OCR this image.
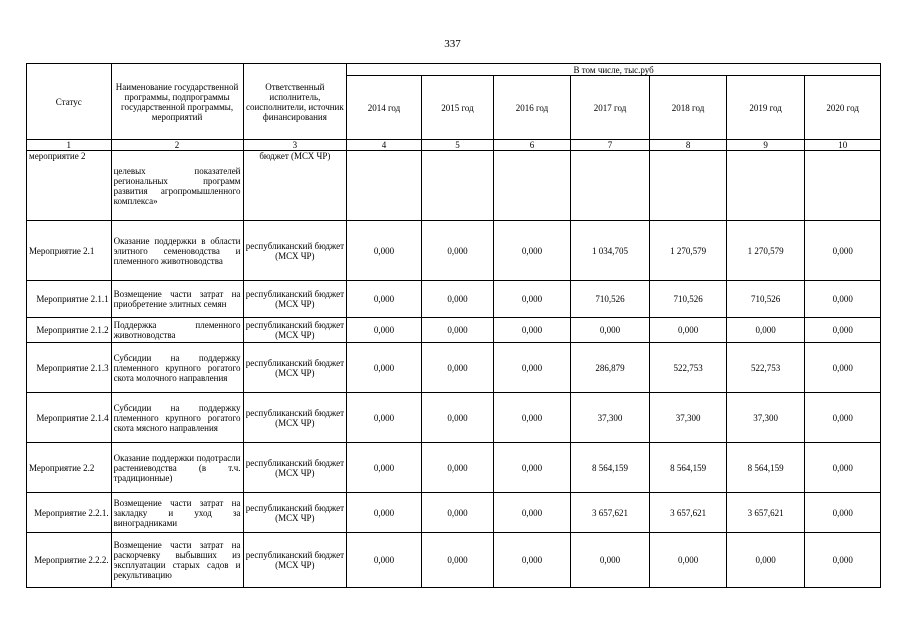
337
Статус	Наименование государственной программы, подпрограммы государственной программы, мероприятий	Ответственный исполнитель, соисполнители, источник финансирования	В том числе, тыс.руб						
			2014 год	2015 год	2016 год	2017 год	2018 год	2019 год	2020 год
1	2	3	4	5	6	7	8	9	10
мероприятие 2	целевых показателей региональных программ развития агропромышленного комплекса»	бюджет (МСХ ЧР)							
Мероприятие 2.1	Оказание поддержки в области элитного семеноводства и племенного животноводства	республиканский бюджет (МСХ ЧР)	0,000	0,000	0,000	1 034,705	1 270,579	1 270,579	0,000
Мероприятие 2.1.1	Возмещение части затрат на приобретение элитных семян	республиканский бюджет (МСХ ЧР)	0,000	0,000	0,000	710,526	710,526	710,526	0,000
Мероприятие 2.1.2	Поддержка племенного животноводства	республиканский бюджет (МСХ ЧР)	0,000	0,000	0,000	0,000	0,000	0,000	0,000
Мероприятие 2.1.3	Субсидии на поддержку племенного крупного рогатого скота молочного направления	республиканский бюджет (МСХ ЧР)	0,000	0,000	0,000	286,879	522,753	522,753	0,000
Мероприятие 2.1.4	Субсидии на поддержку племенного крупного рогатого скота мясного направления	республиканский бюджет (МСХ ЧР)	0,000	0,000	0,000	37,300	37,300	37,300	0,000
Мероприятие 2.2	Оказание поддержки подотрасли растениеводства (в т.ч. традиционные)	республиканский бюджет (МСХ ЧР)	0,000	0,000	0,000	8 564,159	8 564,159	8 564,159	0,000
Мероприятие 2.2.1.	Возмещение части затрат на закладку и уход за виноградниками	республиканский бюджет (МСХ ЧР)	0,000	0,000	0,000	3 657,621	3 657,621	3 657,621	0,000
Мероприятие 2.2.2.	Возмещение части затрат на раскорчевку выбывших из эксплуатации старых садов и рекультивацию	республиканский бюджет (МСХ ЧР)	0,000	0,000	0,000	0,000	0,000	0,000	0,000
